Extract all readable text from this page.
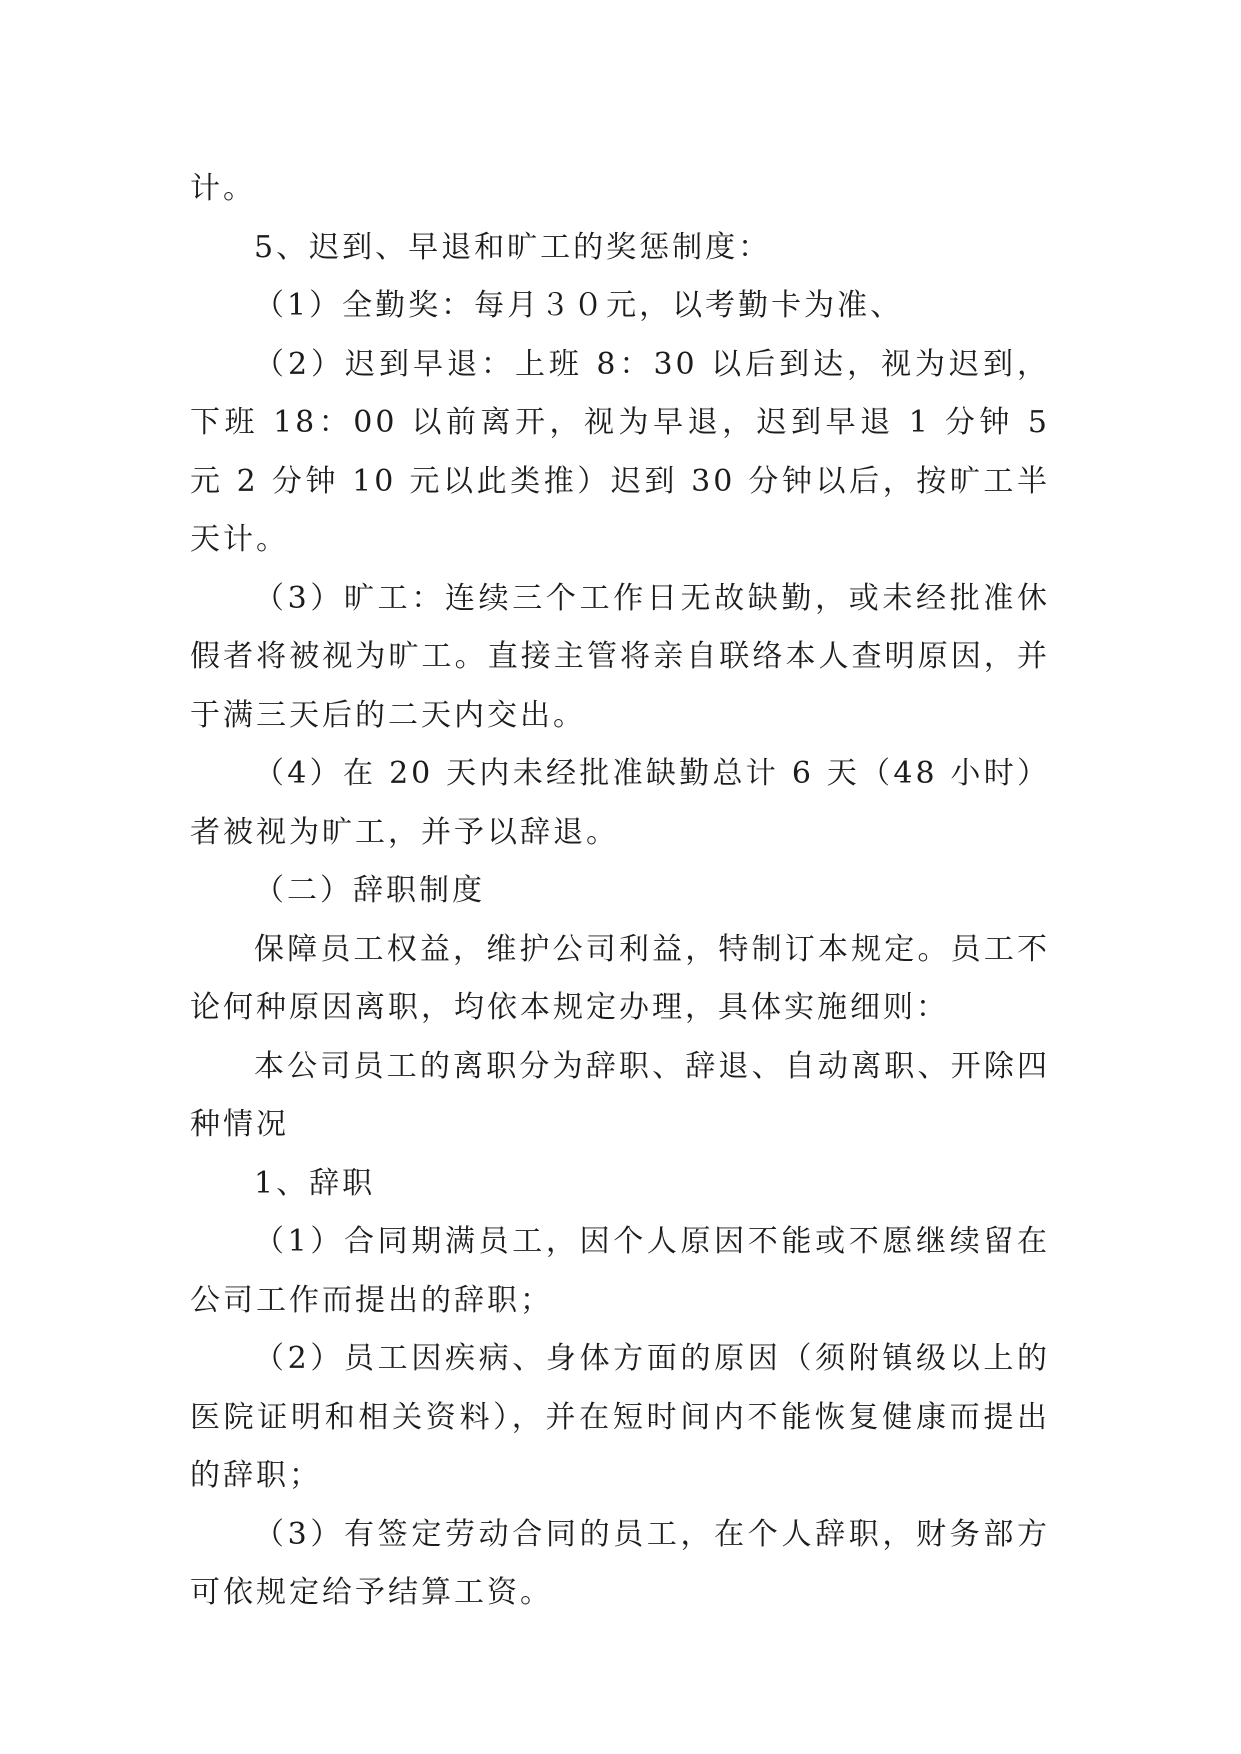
计。

5、迟到、早退和旷工的奖惩制度：

（1）全勤奖：每月３０元，以考勤卡为准、

（2）迟到早退：上班 8：30 以后到达，视为迟到，下班 18：00 以前离开，视为早退，迟到早退 1 分钟 5 元 2 分钟 10 元以此类推）迟到 30 分钟以后，按旷工半天计。

（3）旷工：连续三个工作日无故缺勤，或未经批准休假者将被视为旷工。直接主管将亲自联络本人查明原因，并于满三天后的二天内交出。

（4）在 20 天内未经批准缺勤总计 6 天（48 小时）者被视为旷工，并予以辞退。

（二）辞职制度

保障员工权益，维护公司利益，特制订本规定。员工不论何种原因离职，均依本规定办理，具体实施细则：

本公司员工的离职分为辞职、辞退、自动离职、开除四种情况

1、辞职

（1）合同期满员工，因个人原因不能或不愿继续留在公司工作而提出的辞职；

（2）员工因疾病、身体方面的原因（须附镇级以上的医院证明和相关资料），并在短时间内不能恢复健康而提出的辞职；

（3）有签定劳动合同的员工，在个人辞职，财务部方可依规定给予结算工资。
